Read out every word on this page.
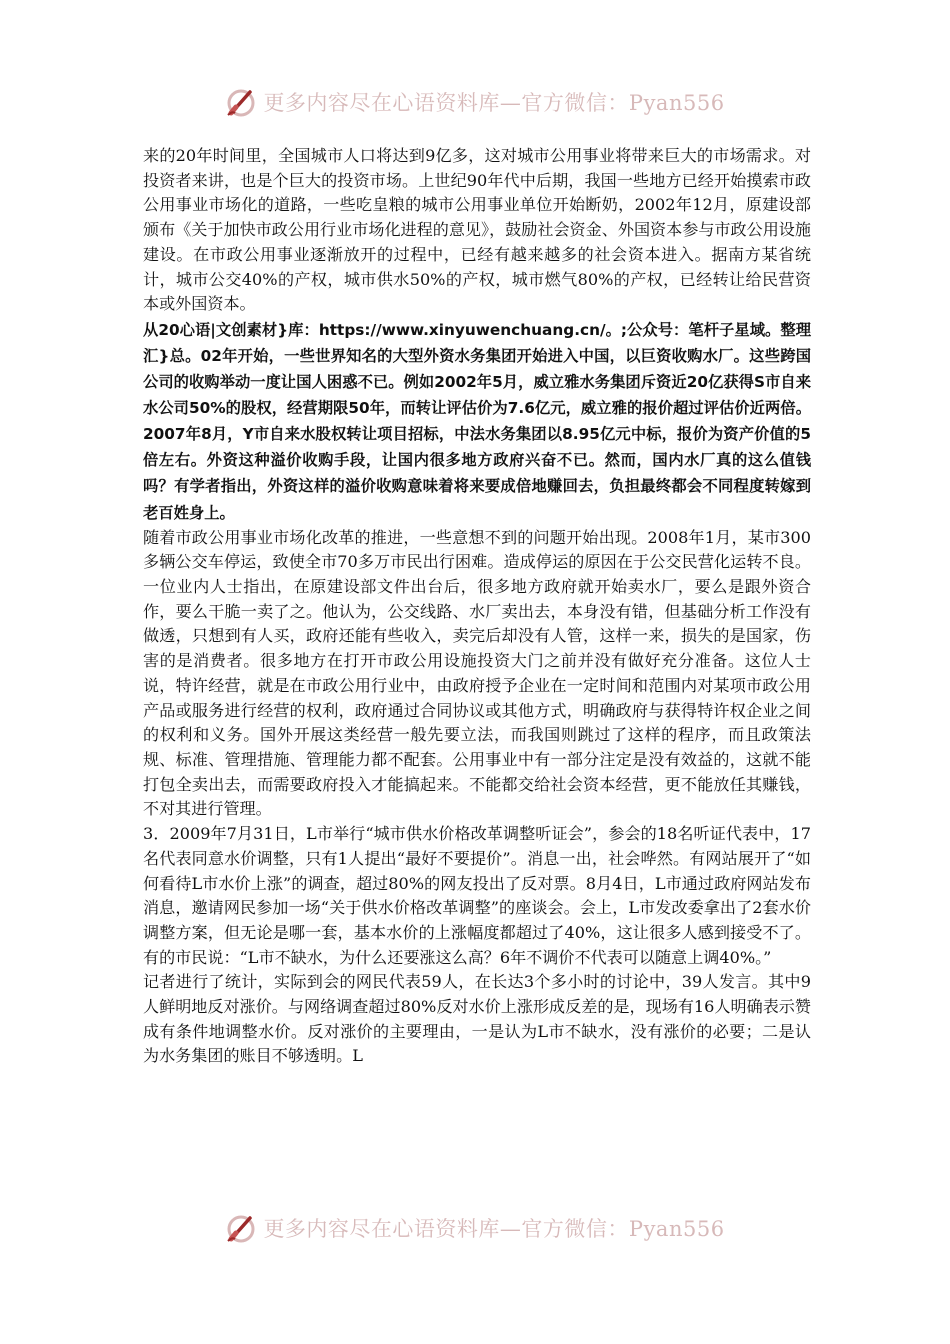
更多内容尽在心语资料库—官方微信：Pyan556

来的20年时间里，全国城市人口将达到9亿多，这对城市公用事业将带来巨大的市场需求。对投资者来讲，也是个巨大的投资市场。上世纪90年代中后期，我国一些地方已经开始摸索市政公用事业市场化的道路，一些吃皇粮的城市公用事业单位开始断奶，2002年12月，原建设部颁布《关于加快市政公用行业市场化进程的意见》，鼓励社会资金、外国资本参与市政公用设施建设。在市政公用事业逐渐放开的过程中，已经有越来越多的社会资本进入。据南方某省统计，城市公交40%的产权，城市供水50%的产权，城市燃气80%的产权，已经转让给民营资本或外国资本。

从20心语|文创素材}库：https://www.xinyuwenchuang.cn/。;公众号：笔杆子星域。整理汇}总。02年开始，一些世界知名的大型外资水务集团开始进入中国，以巨资收购水厂。这些跨国公司的收购举动一度让国人困惑不已。例如2002年5月，威立雅水务集团斥资近20亿获得S市自来水公司50%的股权，经营期限50年，而转让评估价为7.6亿元，威立雅的报价超过评估价近两倍。2007年8月，Y市自来水股权转让项目招标，中法水务集团以8.95亿元中标，报价为资产价值的5倍左右。外资这种溢价收购手段，让国内很多地方政府兴奋不已。然而，国内水厂真的这么值钱吗？有学者指出，外资这样的溢价收购意味着将来要成倍地赚回去，负担最终都会不同程度转嫁到老百姓身上。

随着市政公用事业市场化改革的推进，一些意想不到的问题开始出现。2008年1月，某市300多辆公交车停运，致使全市70多万市民出行困难。造成停运的原因在于公交民营化运转不良。一位业内人士指出，在原建设部文件出台后，很多地方政府就开始卖水厂，要么是跟外资合作，要么干脆一卖了之。他认为，公交线路、水厂卖出去，本身没有错，但基础分析工作没有做透，只想到有人买，政府还能有些收入，卖完后却没有人管，这样一来，损失的是国家，伤害的是消费者。很多地方在打开市政公用设施投资大门之前并没有做好充分准备。这位人士说，特许经营，就是在市政公用行业中，由政府授予企业在一定时间和范围内对某项市政公用产品或服务进行经营的权利，政府通过合同协议或其他方式，明确政府与获得特许权企业之间的权利和义务。国外开展这类经营一般先要立法，而我国则跳过了这样的程序，而且政策法规、标准、管理措施、管理能力都不配套。公用事业中有一部分注定是没有效益的，这就不能打包全卖出去，而需要政府投入才能搞起来。不能都交给社会资本经营，更不能放任其赚钱，不对其进行管理。

3．2009年7月31日，L市举行“城市供水价格改革调整听证会”，参会的18名听证代表中，17名代表同意水价调整，只有1人提出“最好不要提价”。消息一出，社会哗然。有网站展开了“如何看待L市水价上涨”的调查，超过80%的网友投出了反对票。8月4日，L市通过政府网站发布消息，邀请网民参加一场“关于供水价格改革调整”的座谈会。会上，L市发改委拿出了2套水价调整方案，但无论是哪一套，基本水价的上涨幅度都超过了40%，这让很多人感到接受不了。有的市民说：“L市不缺水，为什么还要涨这么高？6年不调价不代表可以随意上调40%。”

记者进行了统计，实际到会的网民代表59人，在长达3个多小时的讨论中，39人发言。其中9人鲜明地反对涨价。与网络调查超过80%反对水价上涨形成反差的是，现场有16人明确表示赞成有条件地调整水价。反对涨价的主要理由，一是认为L市不缺水，没有涨价的必要；二是认为水务集团的账目不够透明。L

更多内容尽在心语资料库—官方微信：Pyan556
